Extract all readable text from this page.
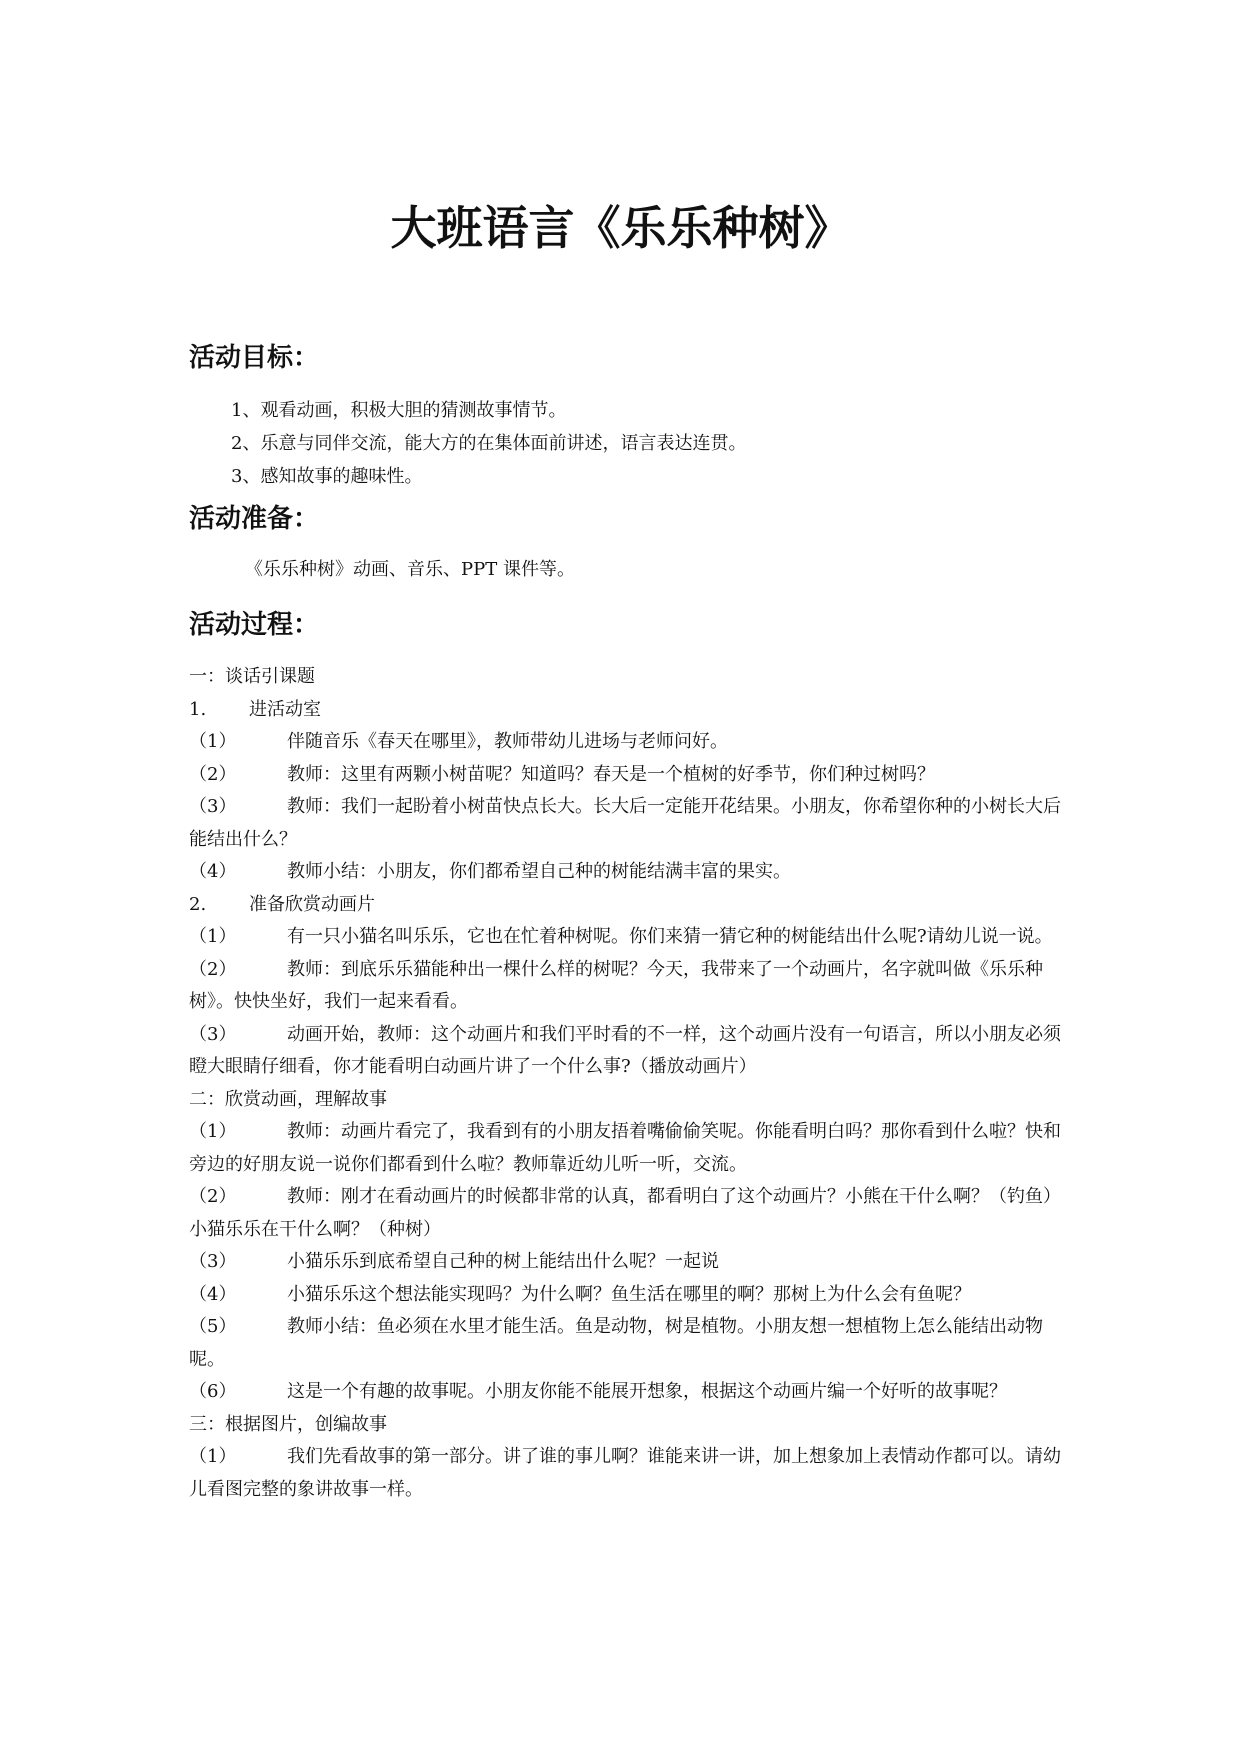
大班语言《乐乐种树》
活动目标：
1、观看动画，积极大胆的猜测故事情节。
2、乐意与同伴交流，能大方的在集体面前讲述，语言表达连贯。
3、感知故事的趣味性。
活动准备：

《乐乐种树》动画、音乐、PPT 课件等。

活动过程：

一：谈话引课题

1. 进活动室

（1）	伴随音乐《春天在哪里》，教师带幼儿进场与老师问好。

（2）	教师：这里有两颗小树苗呢？知道吗？春天是一个植树的好季节，你们种过树吗？

（3）	教师：我们一起盼着小树苗快点长大。长大后一定能开花结果。小朋友，你希望你种的小树长大后能结出什么？

（4）	教师小结：小朋友，你们都希望自己种的树能结满丰富的果实。

2. 准备欣赏动画片

（1）	有一只小猫名叫乐乐，它也在忙着种树呢。你们来猜一猜它种的树能结出什么呢?请幼儿说一说。

（2）	教师：到底乐乐猫能种出一棵什么样的树呢？今天，我带来了一个动画片，名字就叫做《乐乐种树》。快快坐好，我们一起来看看。

（3）	动画开始，教师：这个动画片和我们平时看的不一样，这个动画片没有一句语言，所以小朋友必须瞪大眼睛仔细看，你才能看明白动画片讲了一个什么事?（播放动画片）

二：欣赏动画，理解故事

（1）	教师：动画片看完了，我看到有的小朋友捂着嘴偷偷笑呢。你能看明白吗？那你看到什么啦？快和旁边的好朋友说一说你们都看到什么啦？教师靠近幼儿听一听，交流。

（2）	教师：刚才在看动画片的时候都非常的认真，都看明白了这个动画片？小熊在干什么啊？（钓鱼）小猫乐乐在干什么啊？（种树）

（3）	小猫乐乐到底希望自己种的树上能结出什么呢？一起说

（4）	小猫乐乐这个想法能实现吗？为什么啊？鱼生活在哪里的啊？那树上为什么会有鱼呢？

（5）	教师小结：鱼必须在水里才能生活。鱼是动物，树是植物。小朋友想一想植物上怎么能结出动物呢。

（6）	这是一个有趣的故事呢。小朋友你能不能展开想象，根据这个动画片编一个好听的故事呢？

三：根据图片，创编故事

（1）	我们先看故事的第一部分。讲了谁的事儿啊？谁能来讲一讲，加上想象加上表情动作都可以。请幼儿看图完整的象讲故事一样。
